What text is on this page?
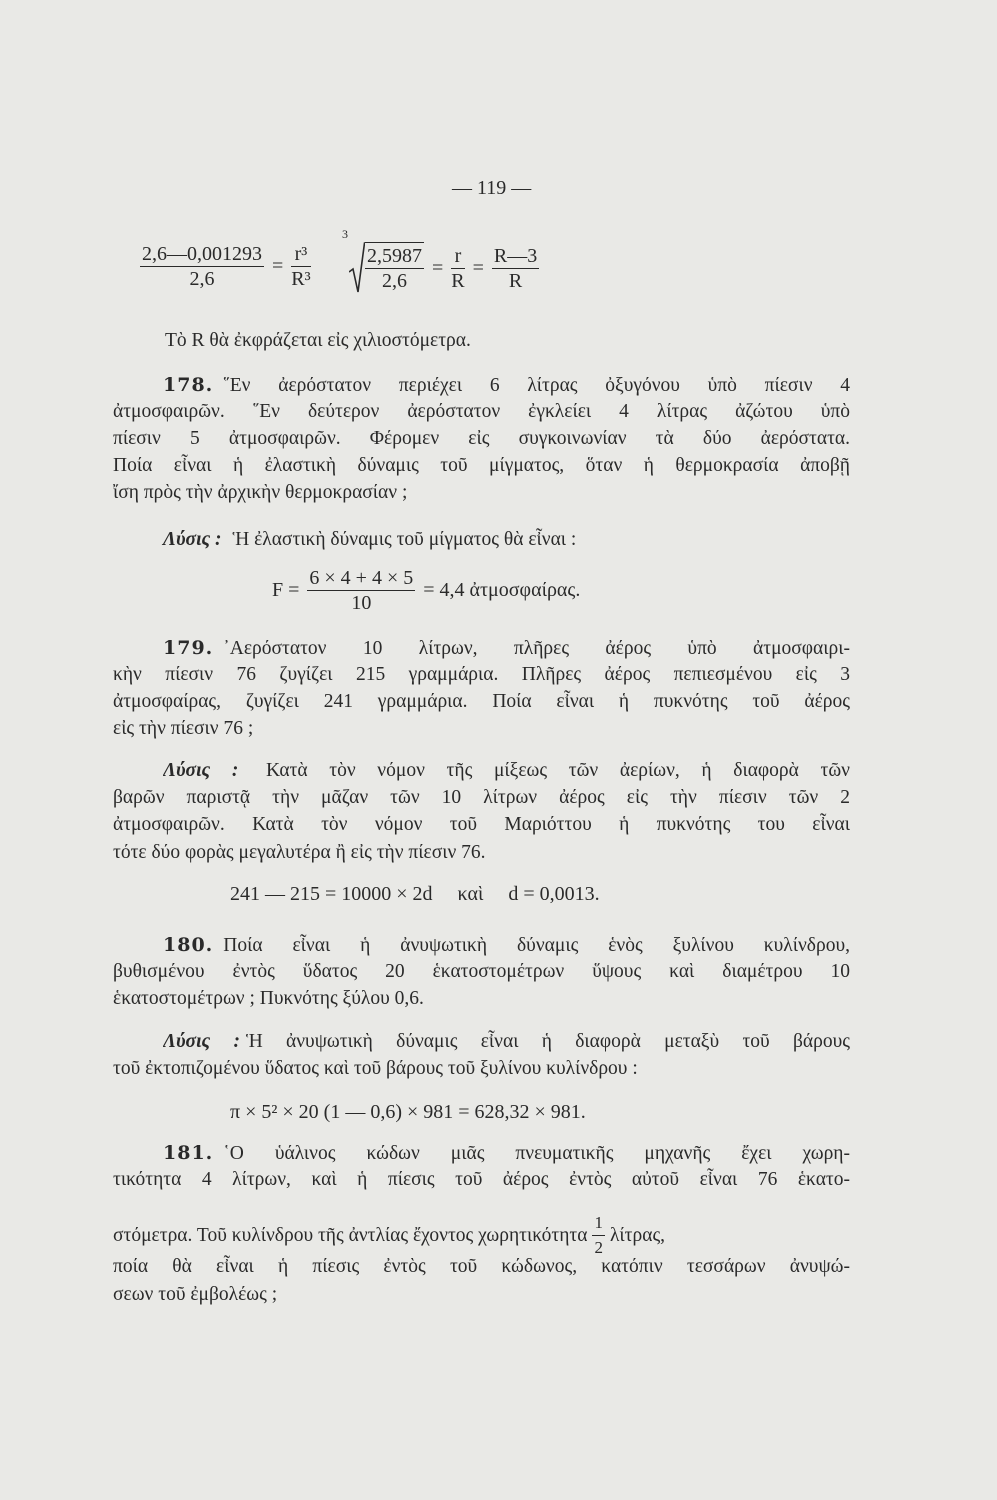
— 119 —
$\frac{2,6—0,001293}{2,6} = \frac{\text{r³}}{\text{R³}}$
3
$\frac{2,5987}{2,6} = \frac{r}{R} = \frac{R—3}{R}$
Τὸ R θὰ ἐκφράζεται εἰς χιλιοστόμετρα.
178. ῞Εν ἀερόστατον περιέχει 6 λίτρας ὀξυγόνου ὑπὸ πίεσιν 4
ἀτμοσφαιρῶν. ῞Εν δεύτερον ἀερόστατον ἐγκλείει 4 λίτρας ἀζώτου ὑπὸ
πίεσιν 5 ἀτμοσφαιρῶν. Φέρομεν εἰς συγκοινωνίαν τὰ δύο ἀερόστατα.
Ποία εἶναι ἡ ἐλαστικὴ δύναμις τοῦ μίγματος, ὅταν ἡ θερμοκρασία ἀποβῇ
ἴση πρὸς τὴν ἀρχικὴν θερμοκρασίαν ;
Λύσις : Ἡ ἐλαστικὴ δύναμις τοῦ μίγματος θὰ εἶναι :
$F = \frac{6 \times 4 + 4 \times 5}{10} = 4,4$ ἀτμοσφαίρας.
179. ᾿Αερόστατον 10 λίτρων, πλῆρες ἀέρος ὑπὸ ἀτμοσφαιρι-
κὴν πίεσιν 76 ζυγίζει 215 γραμμάρια. Πλῆρες ἀέρος πεπιεσμένου εἰς 3
ἀτμοσφαίρας, ζυγίζει 241 γραμμάρια. Ποία εἶναι ἡ πυκνότης τοῦ ἀέρος
εἰς τὴν πίεσιν 76 ;
Λύσις : Κατὰ τὸν νόμον τῆς μίξεως τῶν ἀερίων, ἡ διαφορὰ τῶν
βαρῶν παριστᾷ τὴν μᾶζαν τῶν 10 λίτρων ἀέρος εἰς τὴν πίεσιν τῶν 2
ἀτμοσφαιρῶν. Κατὰ τὸν νόμον τοῦ Μαριόττου ἡ πυκνότης του εἶναι
τότε δύο φορὰς μεγαλυτέρα ἢ εἰς τὴν πίεσιν 76.
241 — 215 = 10000 × 2d     καὶ     d = 0,0013.
180. Ποία εἶναι ἡ ἀνυψωτικὴ δύναμις ἑνὸς ξυλίνου κυλίνδρου,
βυθισμένου ἐντὸς ὕδατος 20 ἑκατοστομέτρων ὕψους καὶ διαμέτρου 10
ἑκατοστομέτρων ; Πυκνότης ξύλου 0,6.
Λύσις : Ἡ ἀνυψωτικὴ δύναμις εἶναι ἡ διαφορὰ μεταξὺ τοῦ βάρους
τοῦ ἐκτοπιζομένου ὕδατος καὶ τοῦ βάρους τοῦ ξυλίνου κυλίνδρου :
π × 5² × 20 (1 — 0,6) × 981 = 628,32 × 981.
181. ῾Ο ὑάλινος κώδων μιᾶς πνευματικῆς μηχανῆς ἔχει χωρη-
τικότητα 4 λίτρων, καὶ ἡ πίεσις τοῦ ἀέρος ἐντὸς αὐτοῦ εἶναι 76 ἑκατο-
στόμετρα. Τοῦ κυλίνδρου τῆς ἀντλίας ἔχοντος χωρητικότητα $\frac{1}{2} \lambda ί\tau\rho\alpha\varsigma$,
ποία θὰ εἶναι ἡ πίεσις ἐντὸς τοῦ κώδωνος, κατόπιν τεσσάρων ἀνυψώ-
σεων τοῦ ἐμβολέως ;
